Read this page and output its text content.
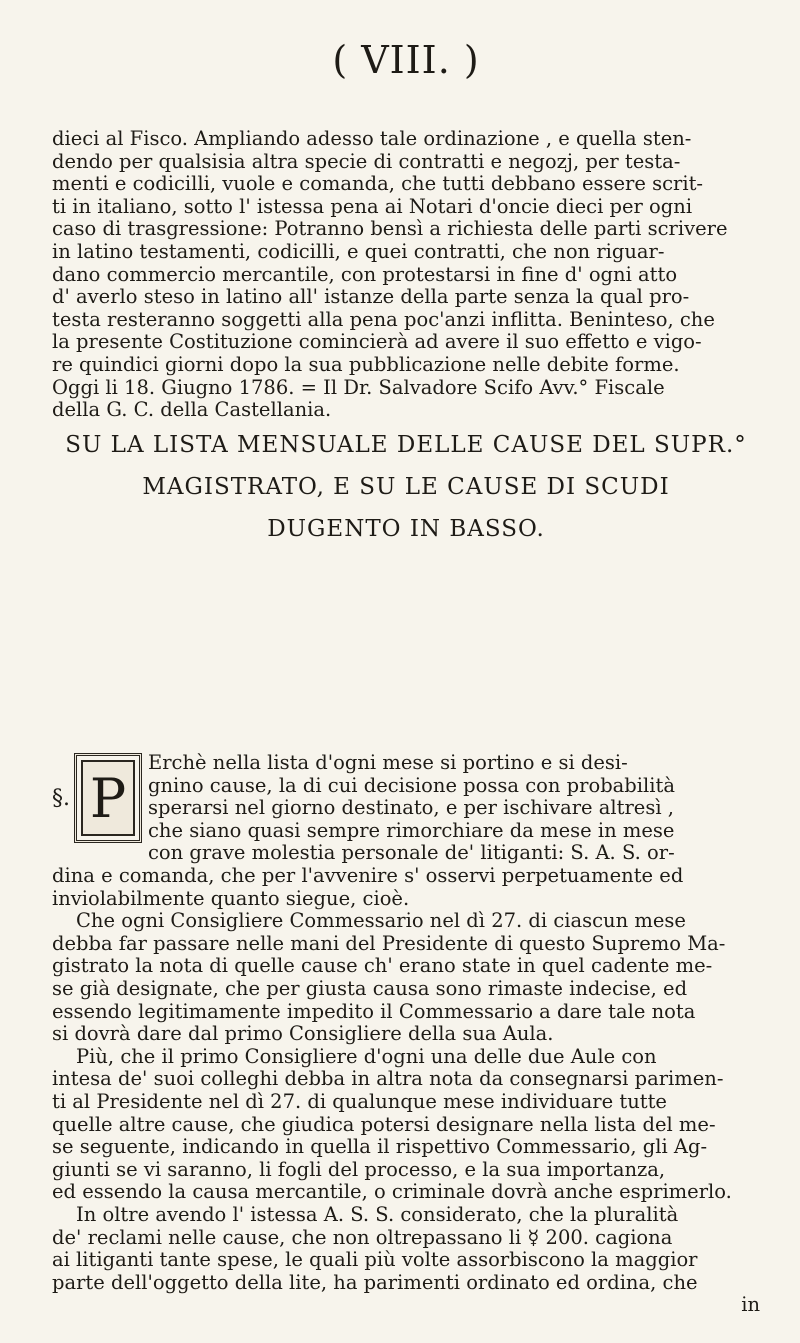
( VIII. )
dieci al Fisco. Ampliando adesso tale ordinazione , e quella sten-
dendo per qualsisia altra specie di contratti e negozj, per testa-
menti e codicilli, vuole e comanda, che tutti debbano essere scrit-
ti in italiano, sotto l' istessa pena ai Notari d'oncie dieci per ogni
caso di trasgressione: Potranno bensì a richiesta delle parti scrivere
in latino testamenti, codicilli, e quei contratti, che non riguar-
dano commercio mercantile, con protestarsi in fine d' ogni atto
d' averlo steso in latino all' istanze della parte senza la qual pro-
testa resteranno soggetti alla pena poc'anzi inflitta. Beninteso, che
la presente Costituzione comincierà ad avere il suo effetto e vigo-
re quindici giorni dopo la sua pubblicazione nelle debite forme.
Oggi li 18. Giugno 1786. = Il Dr. Salvadore Scifo Avv.° Fiscale
della G. C. della Castellania.
SU LA LISTA MENSUALE DELLE CAUSE DEL SUPR.°
MAGISTRATO, E SU LE CAUSE DI SCUDI
DUGENTO IN BASSO.
§. P
Erchè nella lista d'ogni mese si portino e si desi-
gnino cause, la di cui decisione possa con probabilità
sperarsi nel giorno destinato, e per ischivare altresì ,
che siano quasi sempre rimorchiare da mese in mese
con grave molestia personale de' litiganti: S. A. S. or-
dina e comanda, che per l'avvenire s' osservi perpetuamente ed
inviolabilmente quanto siegue, cioè.
Che ogni Consigliere Commessario nel dì 27. di ciascun mese
debba far passare nelle mani del Presidente di questo Supremo Ma-
gistrato la nota di quelle cause ch' erano state in quel cadente me-
se già designate, che per giusta causa sono rimaste indecise, ed
essendo legitimamente impedito il Commessario a dare tale nota
si dovrà dare dal primo Consigliere della sua Aula.
Più, che il primo Consigliere d'ogni una delle due Aule con
intesa de' suoi colleghi debba in altra nota da consegnarsi parimen-
ti al Presidente nel dì 27. di qualunque mese individuare tutte
quelle altre cause, che giudica potersi designare nella lista del me-
se seguente, indicando in quella il rispettivo Commessario, gli Ag-
giunti se vi saranno, li fogli del processo, e la sua importanza,
ed essendo la causa mercantile, o criminale dovrà anche esprimerlo.
In oltre avendo l' istessa A. S. S. considerato, che la pluralità
de' reclami nelle cause, che non oltrepassano li ☿ 200. cagiona
ai litiganti tante spese, le quali più volte assorbiscono la maggior
parte dell'oggetto della lite, ha parimenti ordinato ed ordina, che
in
